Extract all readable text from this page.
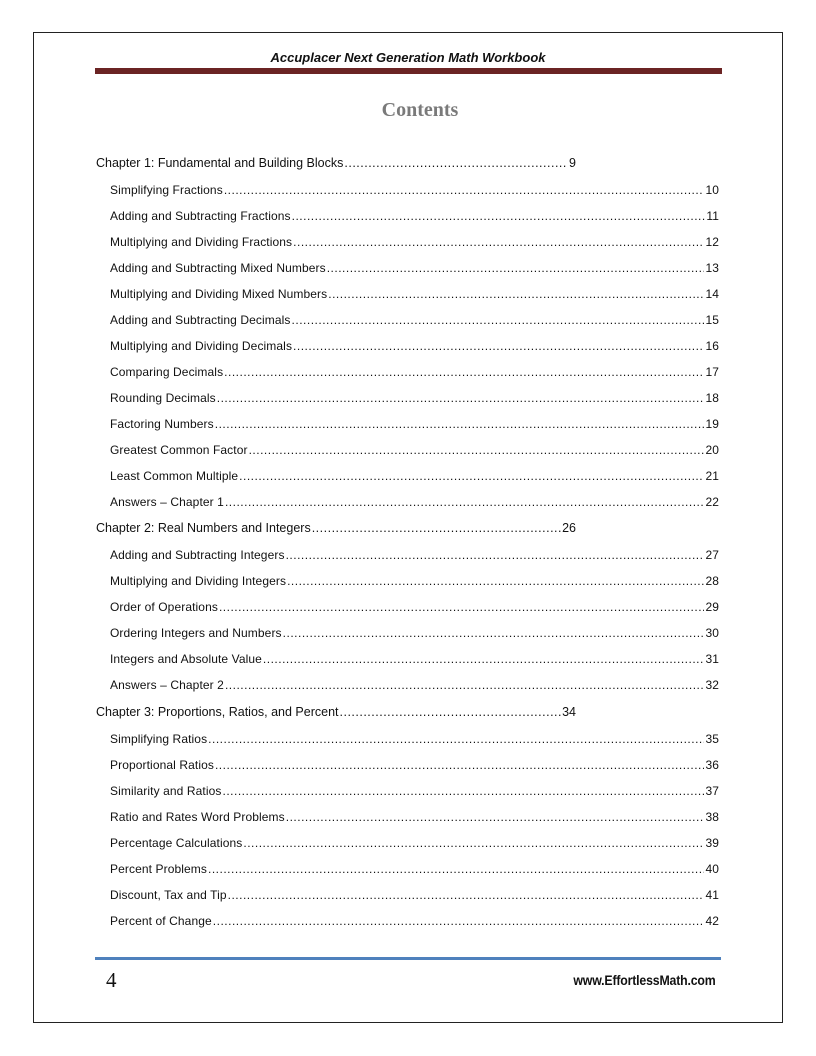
Accuplacer Next Generation Math Workbook
Contents
Chapter 1: Fundamental and Building Blocks .....	9
Simplifying Fractions .....	10
Adding and Subtracting Fractions .....	11
Multiplying and Dividing Fractions .....	12
Adding and Subtracting Mixed Numbers .....	13
Multiplying and Dividing Mixed Numbers .....	14
Adding and Subtracting Decimals .....	15
Multiplying and Dividing Decimals .....	16
Comparing Decimals .....	17
Rounding Decimals .....	18
Factoring Numbers .....	19
Greatest Common Factor .....	20
Least Common Multiple .....	21
Answers – Chapter 1 .....	22
Chapter 2: Real Numbers and Integers .....	26
Adding and Subtracting Integers .....	27
Multiplying and Dividing Integers .....	28
Order of Operations .....	29
Ordering Integers and Numbers .....	30
Integers and Absolute Value .....	31
Answers – Chapter 2 .....	32
Chapter 3: Proportions, Ratios, and Percent .....	34
Simplifying Ratios .....	35
Proportional Ratios .....	36
Similarity and Ratios .....	37
Ratio and Rates Word Problems .....	38
Percentage Calculations .....	39
Percent Problems .....	40
Discount, Tax and Tip .....	41
Percent of Change .....	42
4	www.EffortlessMath.com
